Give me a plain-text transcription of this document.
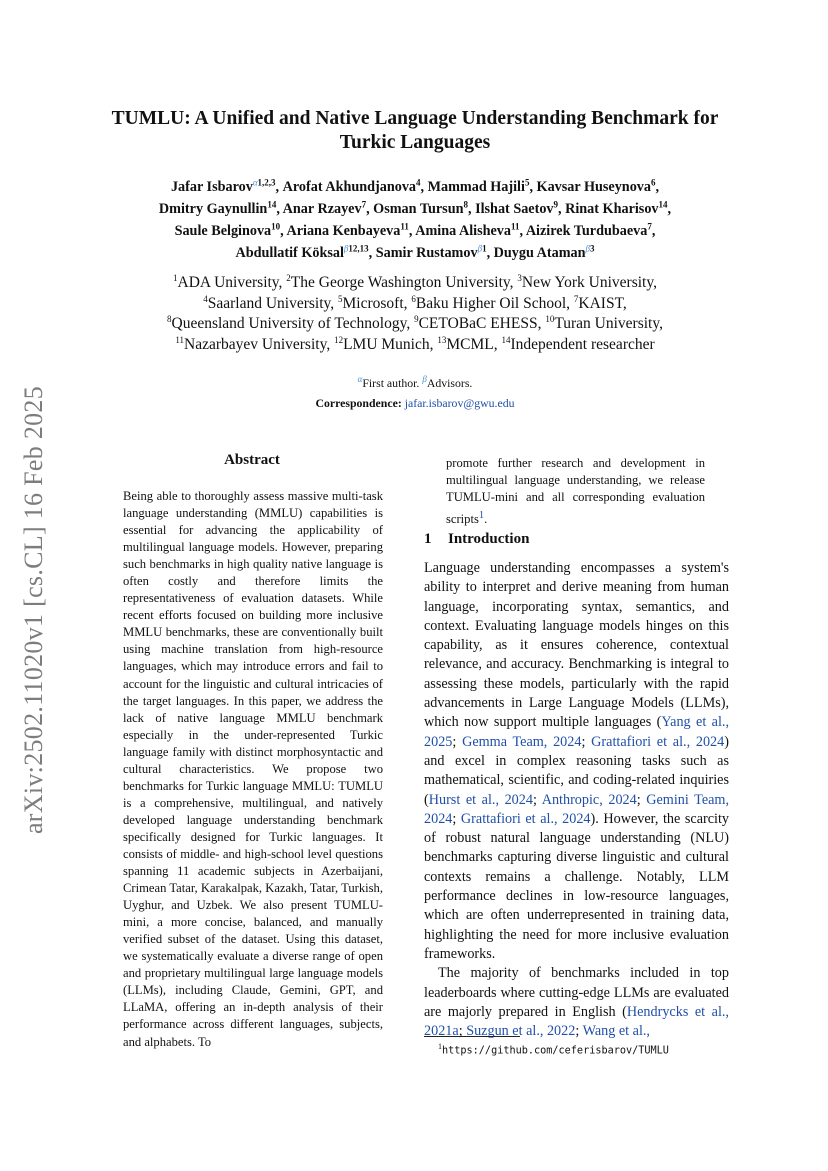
arXiv:2502.11020v1 [cs.CL] 16 Feb 2025
TUMLU: A Unified and Native Language Understanding Benchmark for Turkic Languages
Jafar Isbarov$^{\alpha 1,2,3}$, Arofat Akhundjanova$^4$, Mammad Hajili$^5$, Kavsar Huseynova$^6$,
Dmitry Gaynullin$^{14}$, Anar Rzayev$^7$, Osman Tursun$^8$, Ilshat Saetov$^9$, Rinat Kharisov$^{14}$,
Saule Belginova$^{10}$, Ariana Kenbayeva$^{11}$, Amina Alisheva$^{11}$, Aizirek Turdubaeva$^7$,
Abdullatif Köksal$^{\beta 12,13}$, Samir Rustamov$^{\beta 1}$, Duygu Ataman$^{\beta 3}$
$^1$ADA University, $^2$The George Washington University, $^3$New York University,
$^4$Saarland University, $^5$Microsoft, $^6$Baku Higher Oil School, $^7$KAIST,
$^8$Queensland University of Technology, $^9$CETOBaC EHESS, $^{10}$Turan University,
$^{11}$Nazarbayev University, $^{12}$LMU Munich, $^{13}$MCML, $^{14}$Independent researcher
$^\alpha$First author. $^\beta$Advisors.
Correspondence: jafar.isbarov@gwu.edu
Abstract
Being able to thoroughly assess massive multi-task language understanding (MMLU) capabilities is essential for advancing the applicability of multilingual language models. However, preparing such benchmarks in high quality native language is often costly and therefore limits the representativeness of evaluation datasets. While recent efforts focused on building more inclusive MMLU benchmarks, these are conventionally built using machine translation from high-resource languages, which may introduce errors and fail to account for the linguistic and cultural intricacies of the target languages. In this paper, we address the lack of native language MMLU benchmark especially in the under-represented Turkic language family with distinct morphosyntactic and cultural characteristics. We propose two benchmarks for Turkic language MMLU: TUMLU is a comprehensive, multilingual, and natively developed language understanding benchmark specifically designed for Turkic languages. It consists of middle- and high-school level questions spanning 11 academic subjects in Azerbaijani, Crimean Tatar, Karakalpak, Kazakh, Tatar, Turkish, Uyghur, and Uzbek. We also present TUMLU-mini, a more concise, balanced, and manually verified subset of the dataset. Using this dataset, we systematically evaluate a diverse range of open and proprietary multilingual large language models (LLMs), including Claude, Gemini, GPT, and LLaMA, offering an in-depth analysis of their performance across different languages, subjects, and alphabets. To
promote further research and development in multilingual language understanding, we release TUMLU-mini and all corresponding evaluation scripts$^1$.
1 Introduction

Language understanding encompasses a system's ability to interpret and derive meaning from human language, incorporating syntax, semantics, and context. Evaluating language models hinges on this capability, as it ensures coherence, contextual relevance, and accuracy. Benchmarking is integral to assessing these models, particularly with the rapid advancements in Large Language Models (LLMs), which now support multiple languages (Yang et al., 2025; Gemma Team, 2024; Grattafiori et al., 2024) and excel in complex reasoning tasks such as mathematical, scientific, and coding-related inquiries (Hurst et al., 2024; Anthropic, 2024; Gemini Team, 2024; Grattafiori et al., 2024). However, the scarcity of robust natural language understanding (NLU) benchmarks capturing diverse linguistic and cultural contexts remains a challenge. Notably, LLM performance declines in low-resource languages, which are often underrepresented in training data, highlighting the need for more inclusive evaluation frameworks.

The majority of benchmarks included in top leaderboards where cutting-edge LLMs are evaluated are majorly prepared in English (Hendrycks et al., 2021a; Suzgun et al., 2022; Wang et al.,

$^1$https://github.com/ceferisbarov/TUMLU
